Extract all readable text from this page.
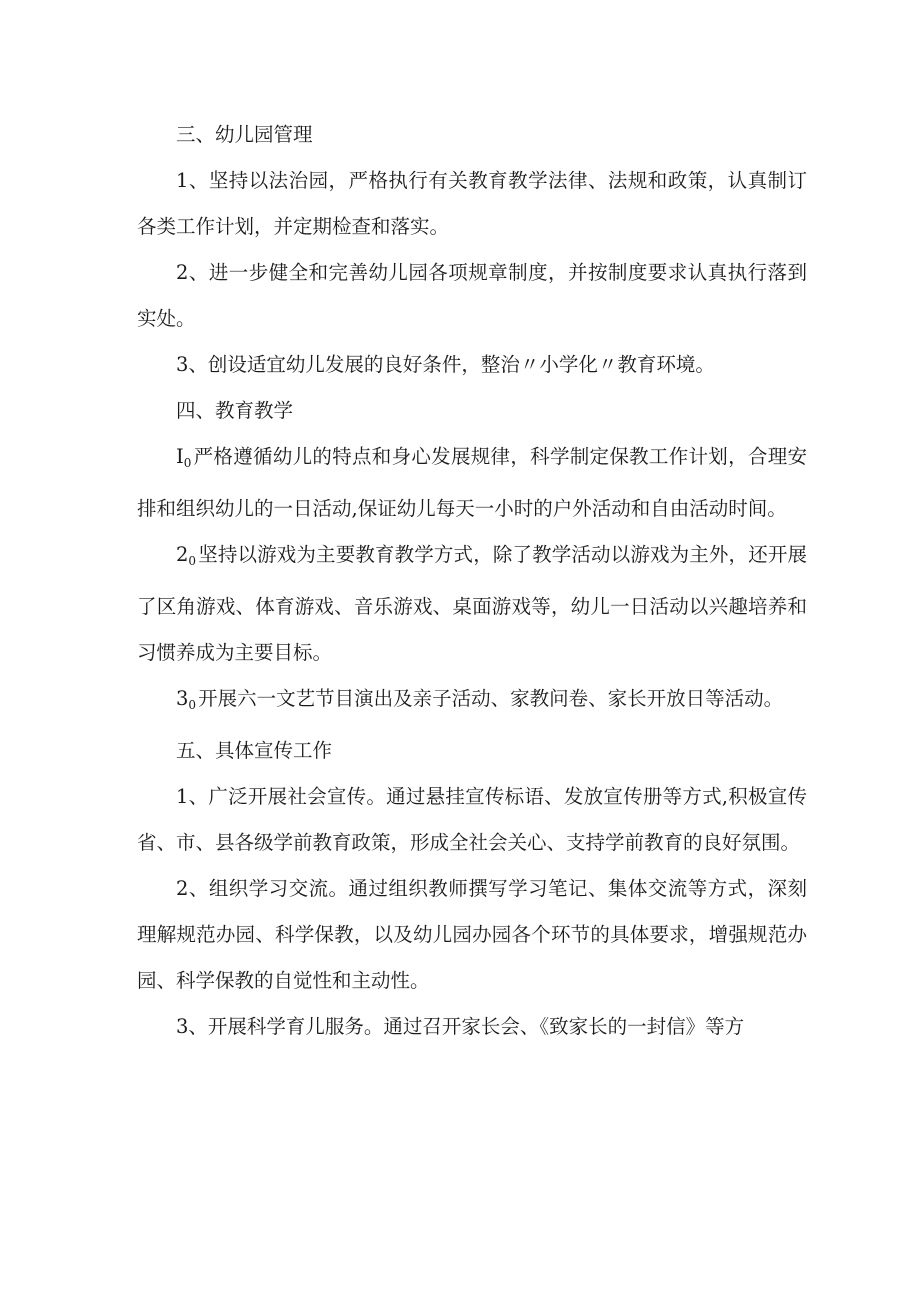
三、幼儿园管理

1、坚持以法治园，严格执行有关教育教学法律、法规和政策，认真制订各类工作计划，并定期检查和落实。

2、进一步健全和完善幼儿园各项规章制度，并按制度要求认真执行落到实处。

3、创设适宜幼儿发展的良好条件，整治〃小学化〃教育环境。

四、教育教学

$I_0$ 严格遵循幼儿的特点和身心发展规律，科学制定保教工作计划，合理安排和组织幼儿的一日活动,保证幼儿每天一小时的户外活动和自由活动时间。

$2_0$ 坚持以游戏为主要教育教学方式，除了教学活动以游戏为主外，还开展了区角游戏、体育游戏、音乐游戏、桌面游戏等，幼儿一日活动以兴趣培养和习惯养成为主要目标。

$3_0$ 开展六一文艺节目演出及亲子活动、家教问卷、家长开放日等活动。

五、具体宣传工作

1、广泛开展社会宣传。通过悬挂宣传标语、发放宣传册等方式,积极宣传省、市、县各级学前教育政策，形成全社会关心、支持学前教育的良好氛围。

2、组织学习交流。通过组织教师撰写学习笔记、集体交流等方式，深刻理解规范办园、科学保教，以及幼儿园办园各个环节的具体要求，增强规范办园、科学保教的自觉性和主动性。

3、开展科学育儿服务。通过召开家长会、《致家长的一封信》等方
